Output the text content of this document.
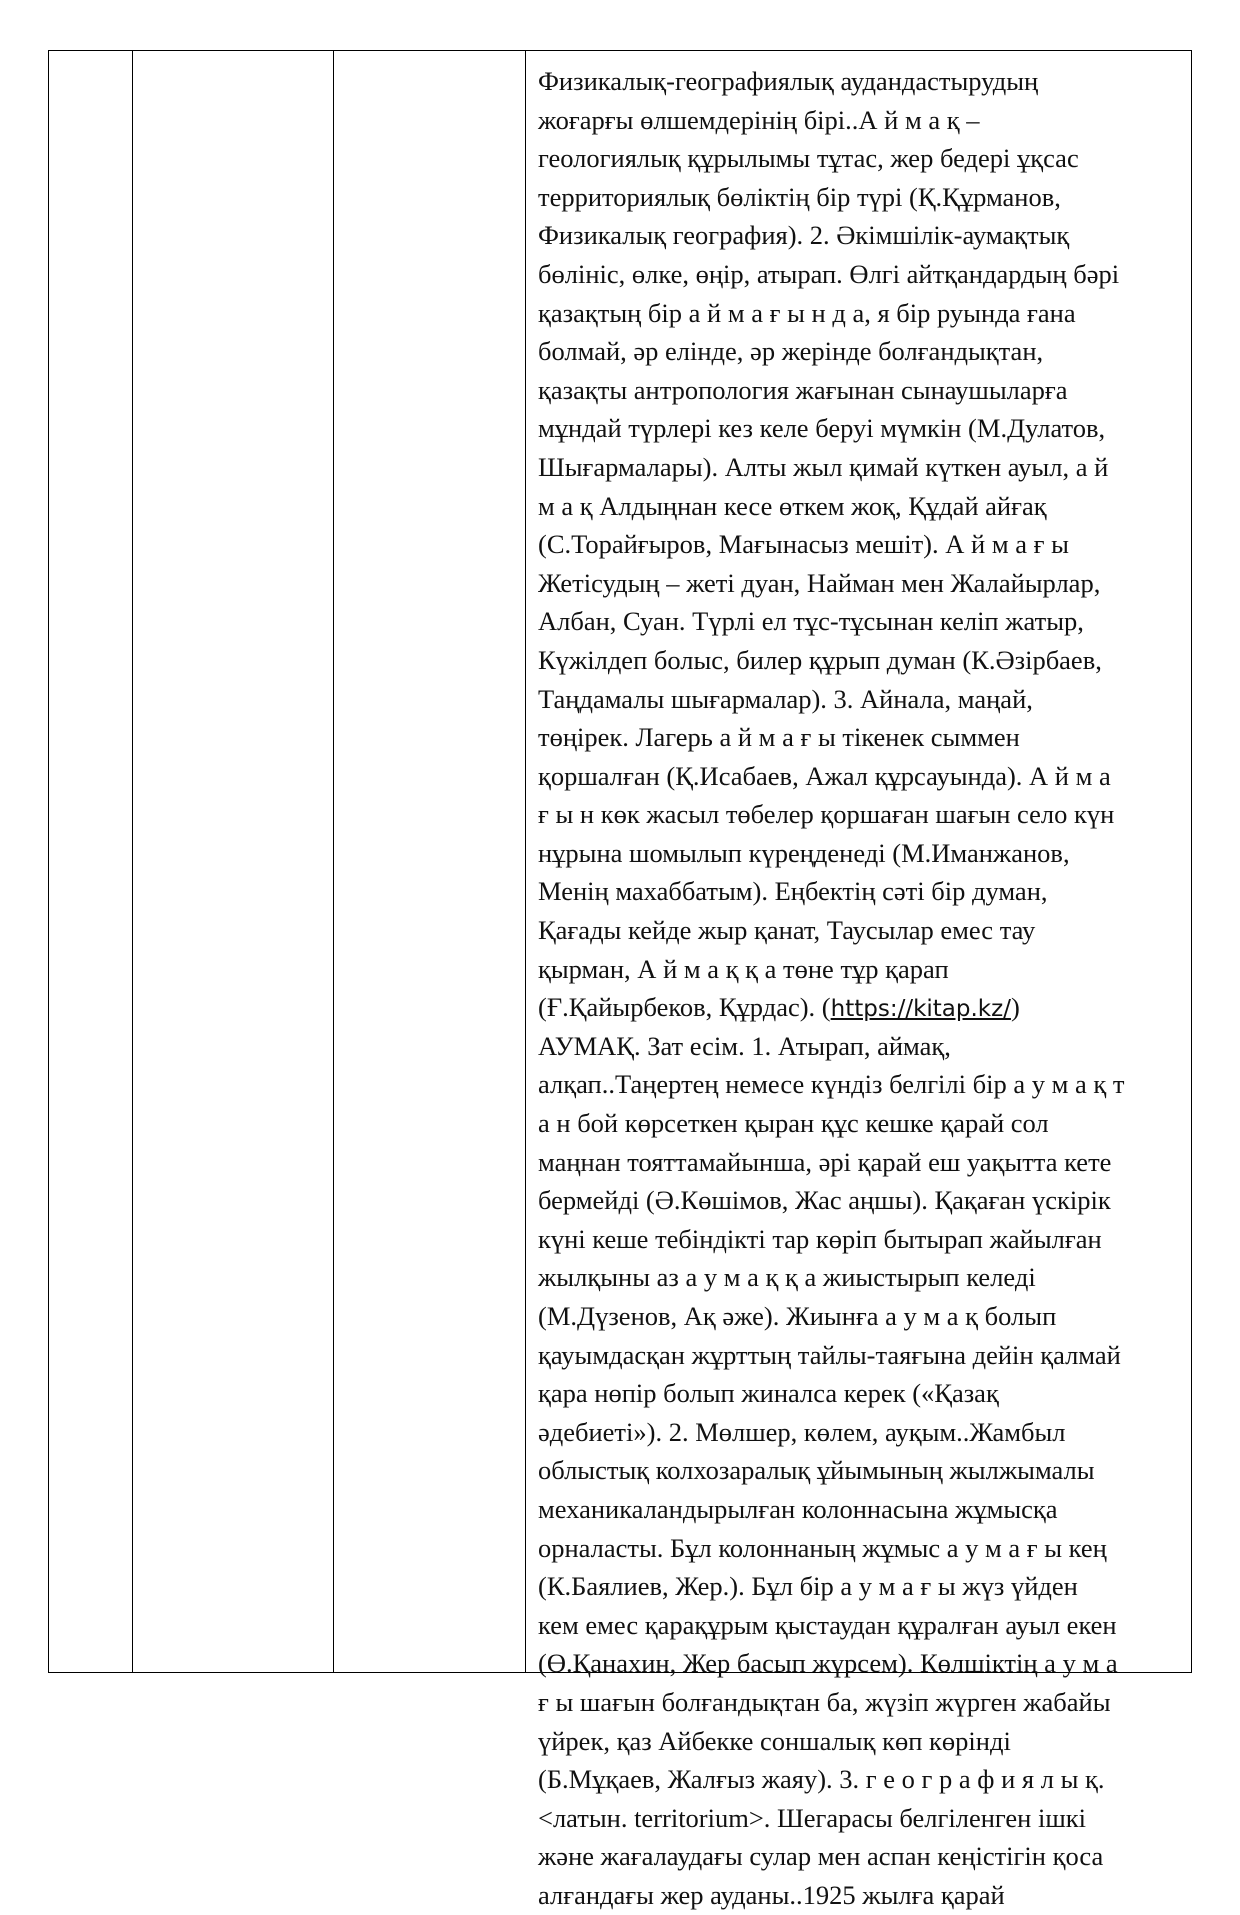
Физикалық-географиялық аудандастырудың
жоғарғы өлшемдерінің бірі..А й м а қ –
геологиялық құрылымы тұтас, жер бедері ұқсас
территориялық бөліктің бір түрі (Қ.Құрманов,
Физикалық география). 2. Әкімшілік-аумақтық
бөлініс, өлке, өңір, атырап. Өлгі айтқандардың бәрі
қазақтың бір а й м а ғ ы н д а, я бір руында ғана
болмай, әр елінде, әр жерінде болғандықтан,
қазақты антропология жағынан сынаушыларға
мұндай түрлері кез келе беруі мүмкін (М.Дулатов,
Шығармалары). Алты жыл қимай күткен ауыл, а й
м а қ Алдыңнан кесе өткем жоқ, Құдай айғақ
(С.Торайғыров, Мағынасыз мешіт). А й м а ғ ы
Жетісудың – жеті дуан, Найман мен Жалайырлар,
Албан, Суан. Түрлі ел тұс-тұсынан келіп жатыр,
Күжілдеп болыс, билер құрып думан (К.Әзірбаев,
Таңдамалы шығармалар). 3. Айнала, маңай,
төңірек. Лагерь а й м а ғ ы тікенек сыммен
қоршалған (Қ.Исабаев, Ажал құрсауында). А й м а
ғ ы н көк жасыл төбелер қоршаған шағын село күн
нұрына шомылып күреңденеді (М.Иманжанов,
Менің махаббатым). Еңбектің сәті бір думан,
Қағады кейде жыр қанат, Таусылар емес тау
қырман, А й м а қ қ а төне тұр қарап
(Ғ.Қайырбеков, Құрдас). (https://kitap.kz/)
АУМАҚ. Зат есім. 1. Атырап, аймақ,
алқап..Таңертең немесе күндіз белгілі бір а у м а қ т
а н бой көрсеткен қыран құс кешке қарай сол
маңнан тояттамайынша, әрі қарай еш уақытта кете
бермейді (Ә.Көшімов, Жас аңшы). Қақаған үскірік
күні кеше тебіндікті тар көріп бытырап жайылған
жылқыны аз а у м а қ қ а жиыстырып келеді
(М.Дүзенов, Ақ әже). Жиынға а у м а қ болып
қауымдасқан жұрттың тайлы-таяғына дейін қалмай
қара нөпір болып жиналса керек («Қазақ
әдебиеті»). 2. Мөлшер, көлем, ауқым..Жамбыл
облыстық колхозаралық ұйымының жылжымалы
механикаландырылған колоннасына жұмысқа
орналасты. Бұл колоннаның жұмыс а у м а ғ ы кең
(К.Баялиев, Жер.). Бұл бір а у м а ғ ы жүз үйден
кем емес қарақұрым қыстаудан құралған ауыл екен
(Ө.Қанахин, Жер басып жүрсем). Көлшіктің а у м а
ғ ы шағын болғандықтан ба, жүзіп жүрген жабайы
үйрек, қаз Айбекке соншалық көп көрінді
(Б.Мұқаев, Жалғыз жаяу). 3. г е о г р а ф и я л ы қ.
<латын. territorium>. Шегарасы белгіленген ішкі
және жағалаудағы сулар мен аспан кеңістігін қоса
алғандағы жер ауданы..1925 жылға қарай
